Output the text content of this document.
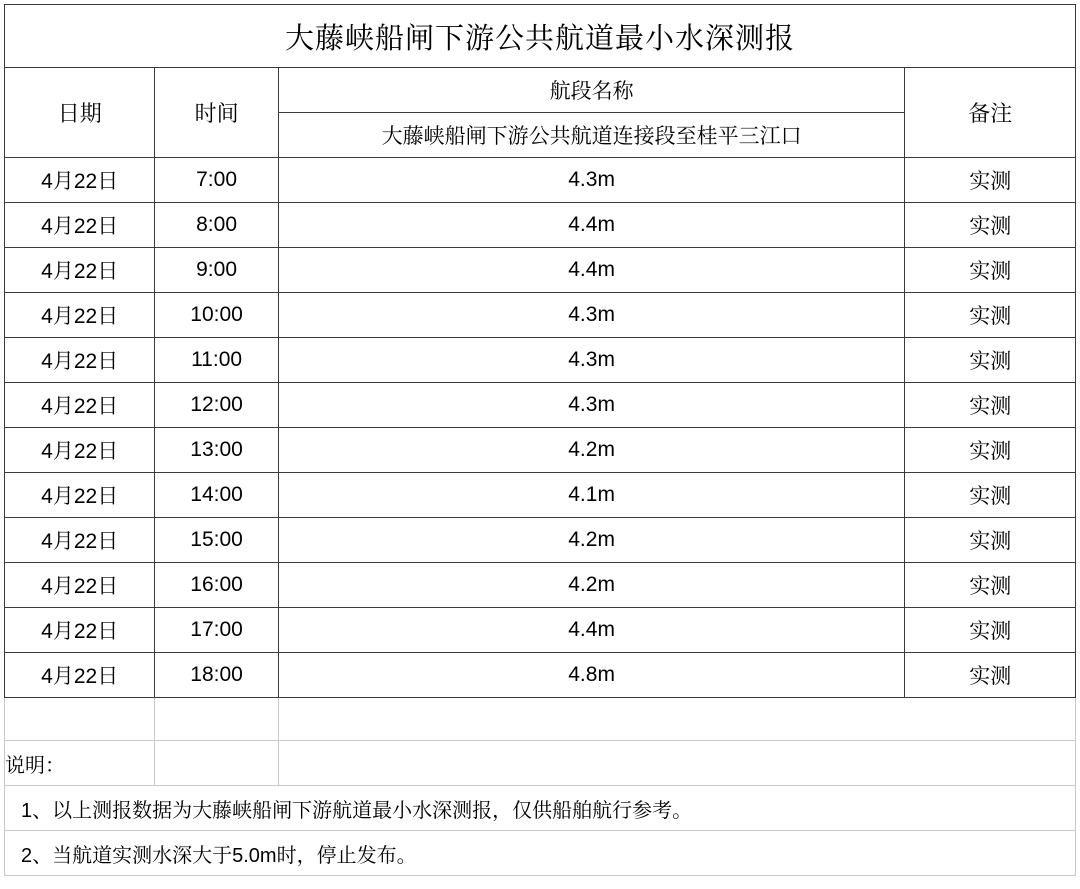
大藤峡船闸下游公共航道最小水深测报			
日期	时间	航段名称	备注
		大藤峡船闸下游公共航道连接段至桂平三江口	
4月22日	7:00	4.3m	实测
4月22日	8:00	4.4m	实测
4月22日	9:00	4.4m	实测
4月22日	10:00	4.3m	实测
4月22日	11:00	4.3m	实测
4月22日	12:00	4.3m	实测
4月22日	13:00	4.2m	实测
4月22日	14:00	4.1m	实测
4月22日	15:00	4.2m	实测
4月22日	16:00	4.2m	实测
4月22日	17:00	4.4m	实测
4月22日	18:00	4.8m	实测

说明：			
1、以上测报数据为大藤峡船闸下游航道最小水深测报，仅供船舶航行参考。			
2、当航道实测水深大于5.0m时，停止发布。			
